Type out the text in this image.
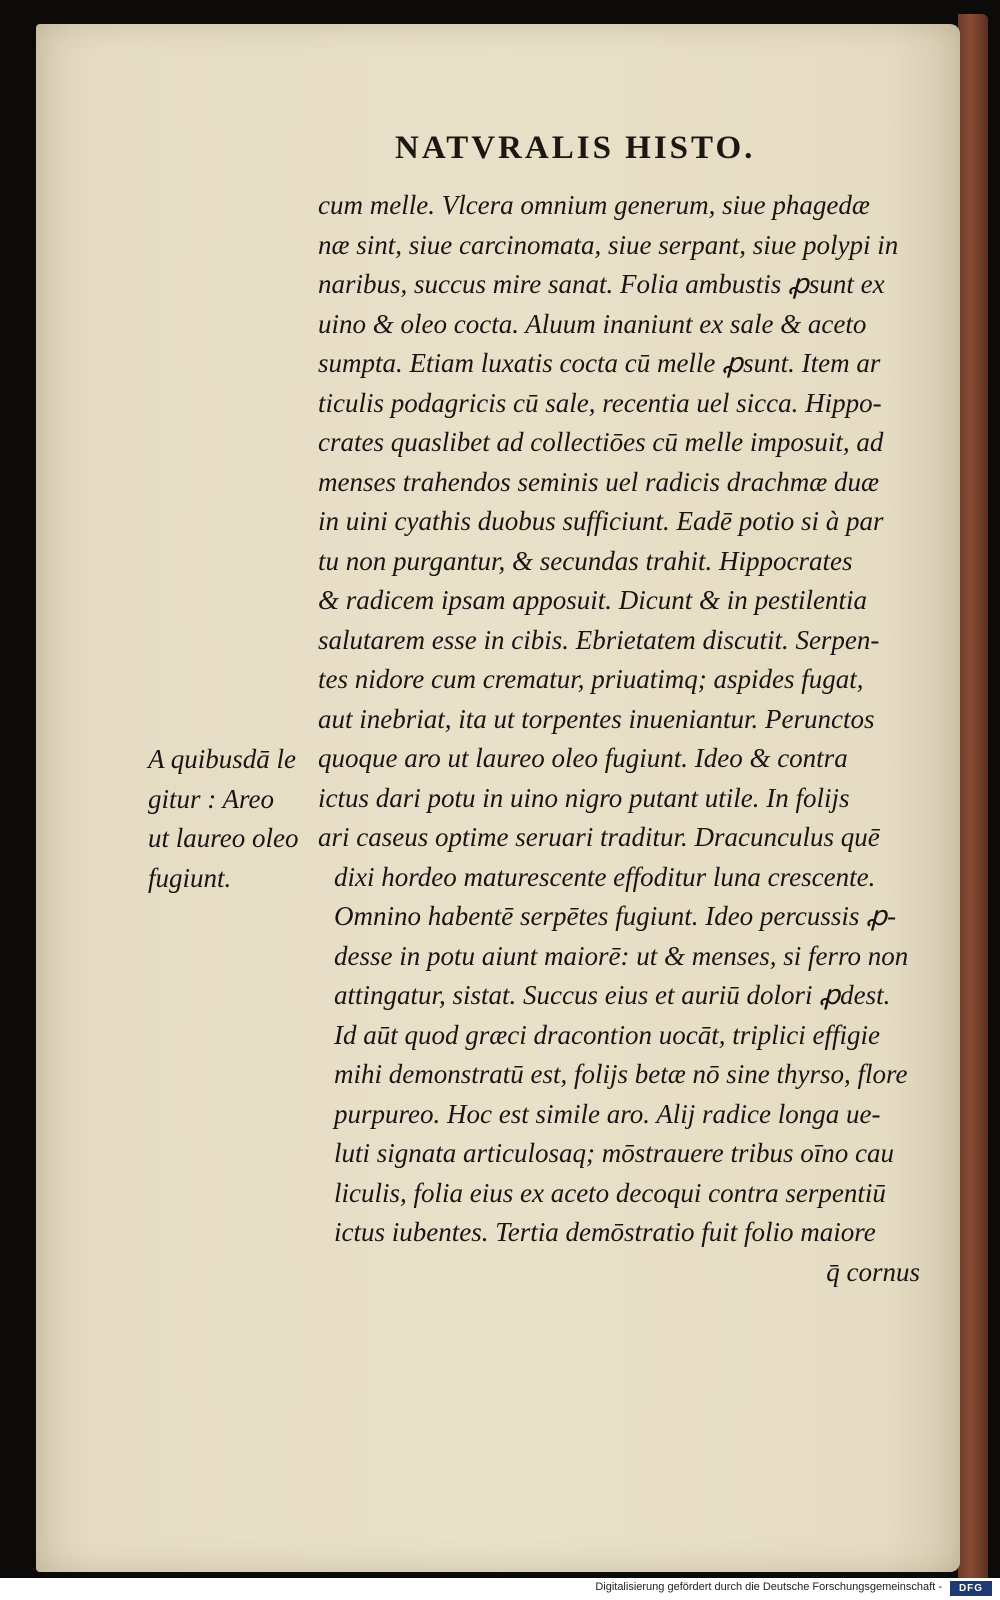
NATVRALIS HISTO.
cum melle. Vlcera omnium generum, siue phagedæ
næ sint, siue carcinomata, siue serpant, siue polypi in
naribus, succus mire sanat. Folia ambustis ꝓsunt ex
uino & oleo cocta. Aluum inaniunt ex sale & aceto
sumpta. Etiam luxatis cocta cū melle ꝓsunt. Item ar
ticulis podagricis cū sale, recentia uel sicca. Hippo-
crates quaslibet ad collectiōes cū melle imposuit, ad
menses trahendos seminis uel radicis drachmæ duæ
in uini cyathis duobus sufficiunt. Eadē potio si à par
tu non purgantur, & secundas trahit. Hippocrates
& radicem ipsam apposuit. Dicunt & in pestilentia
salutarem esse in cibis. Ebrietatem discutit. Serpen-
tes nidore cum crematur, priuatimq; aspides fugat,
aut inebriat, ita ut torpentes inueniantur. Perunctos
quoque aro ut laureo oleo fugiunt. Ideo & contra
ictus dari potu in uino nigro putant utile. In folijs
ari caseus optime seruari traditur. Dracunculus quē
dixi hordeo maturescente effoditur luna crescente.
Omnino habentē serpētes fugiunt. Ideo percussis ꝓ-
desse in potu aiunt maiorē: ut & menses, si ferro non
attingatur, sistat. Succus eius et auriū dolori ꝓdest.
Id aūt quod græci dracontion uocāt, triplici effigie
mihi demonstratū est, folijs betæ nō sine thyrso, flore
purpureo. Hoc est simile aro. Alij radice longa ue-
luti signata articulosaq; mōstrauere tribus oīno cau
liculis, folia eius ex aceto decoqui contra serpentiū
ictus iubentes. Tertia demōstratio fuit folio maiore
q̄ cornus
A quibusdā le
gitur : Areo
ut laureo oleo
fugiunt.
Digitalisierung gefördert durch die Deutsche Forschungsgemeinschaft -	DFG
